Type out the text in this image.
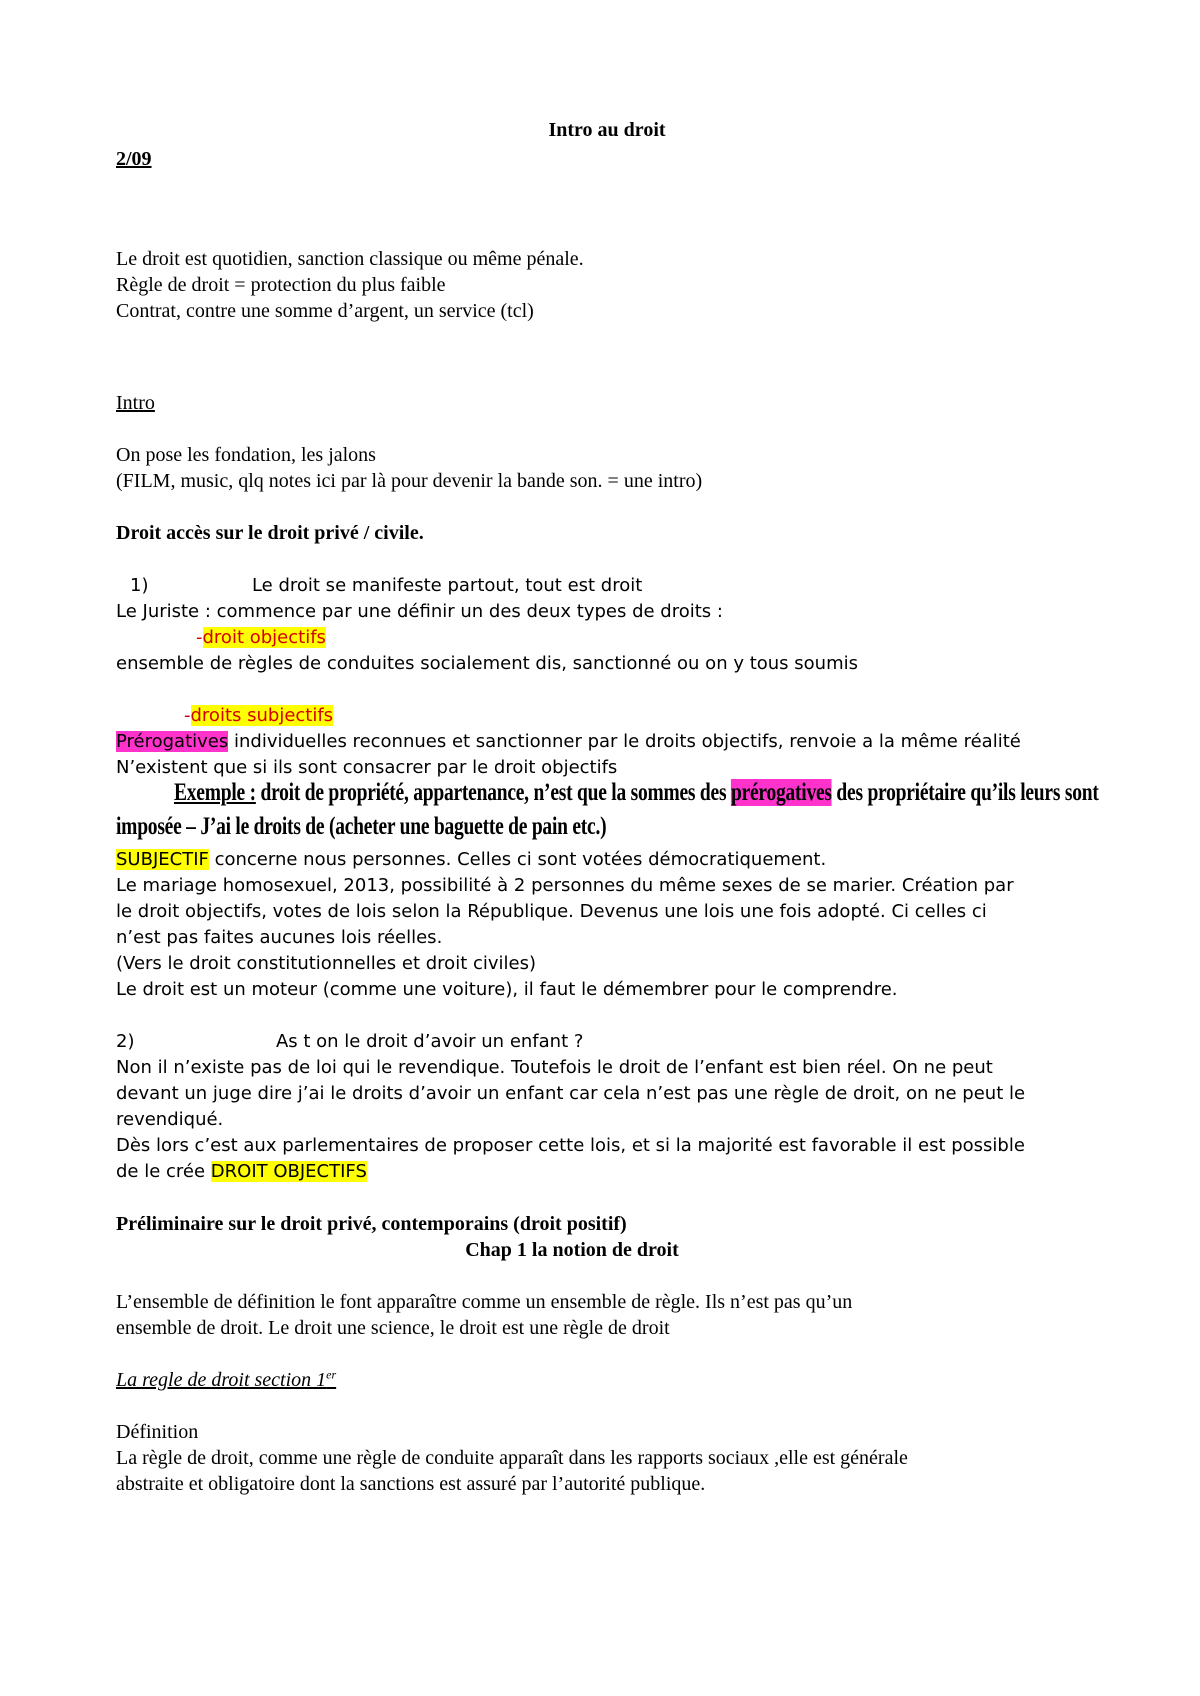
Intro au droit
2/09
Le droit est quotidien, sanction classique ou même pénale.
Règle de droit = protection du plus faible
Contrat, contre une somme d’argent, un service (tcl)
Intro
On pose les fondation, les jalons
(FILM, music, qlq notes ici par là pour devenir la bande son. = une intro)
Droit accès sur le droit privé / civile.
1)	Le droit se manifeste partout, tout est droit
Le Juriste : commence par une définir un des deux types de droits :
-droit objectifs
ensemble de règles de conduites socialement dis, sanctionné ou on y tous soumis
-droits subjectifs
Prérogatives individuelles reconnues et sanctionner par le droits objectifs, renvoie a la même réalité
N’existent que si ils sont consacrer par le droit objectifs
Exemple : droit de propriété, appartenance, n’est que la sommes des prérogatives des propriétaire qu’ils leurs sont
imposée – J’ai le droits de (acheter une baguette de pain etc.)
SUBJECTIF concerne nous personnes. Celles ci sont votées démocratiquement.
Le mariage homosexuel, 2013, possibilité à 2 personnes du même sexes de se marier. Création par
le droit objectifs, votes de lois selon la République. Devenus une lois une fois adopté. Ci celles ci
n’est pas faites aucunes lois réelles.
(Vers le droit constitutionnelles et droit civiles)
Le droit est un moteur (comme une voiture), il faut le démembrer pour le comprendre.
2)	As t on le droit d’avoir un enfant ?
Non il n’existe pas de loi qui le revendique. Toutefois le droit de l’enfant est bien réel. On ne peut
devant un juge dire j’ai le droits d’avoir un enfant car cela n’est pas une règle de droit, on ne peut le
revendiqué.
Dès lors c’est aux parlementaires de proposer cette lois, et si la majorité est favorable il est possible
de le crée DROIT OBJECTIFS
Préliminaire sur le droit privé, contemporains (droit positif)
Chap 1 la notion de droit
L’ensemble de définition le font apparaître comme un ensemble de règle. Ils n’est pas qu’un
ensemble de droit. Le droit une science, le droit est une règle de droit
La regle de droit section 1er
Définition
La règle de droit, comme une règle de conduite apparaît dans les rapports sociaux ,elle est générale
abstraite et obligatoire dont la sanctions est assuré par l’autorité publique.
